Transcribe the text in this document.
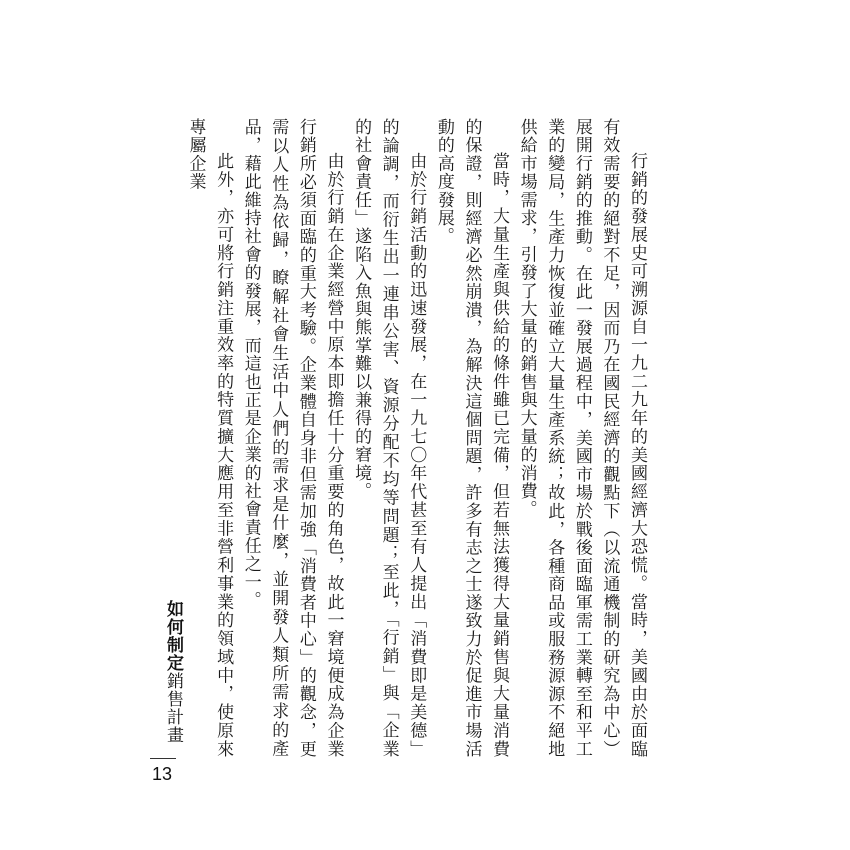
行銷的發展史可溯源自一九二九年的美國經濟大恐慌。當時，美國由於面臨有效需要的絕對不足，因而乃在國民經濟的觀點下（以流通機制的研究為中心）展開行銷的推動。在此一發展過程中，美國市場於戰後面臨軍需工業轉至和平工業的變局，生產力恢復並確立大量生產系統；故此，各種商品或服務源源不絕地供給市場需求，引發了大量的銷售與大量的消費。

當時，大量生產與供給的條件雖已完備，但若無法獲得大量銷售與大量消費的保證，則經濟必然崩潰，為解決這個問題，許多有志之士遂致力於促進市場活動的高度發展。

由於行銷活動的迅速發展，在一九七〇年代甚至有人提出「消費即是美德」的論調，而衍生出一連串公害、資源分配不均等問題；至此，「行銷」與「企業的社會責任」遂陷入魚與熊掌難以兼得的窘境。

由於行銷在企業經營中原本即擔任十分重要的角色，故此一窘境便成為企業行銷所必須面臨的重大考驗。企業體自身非但需加強「消費者中心」的觀念，更需以人性為依歸，瞭解社會生活中人們的需求是什麼，並開發人類所需求的產品，藉此維持社會的發展，而這也正是企業的社會責任之一。

此外，亦可將行銷注重效率的特質擴大應用至非營利事業的領域中，使原來專屬企業

如何制定銷售計畫
13
